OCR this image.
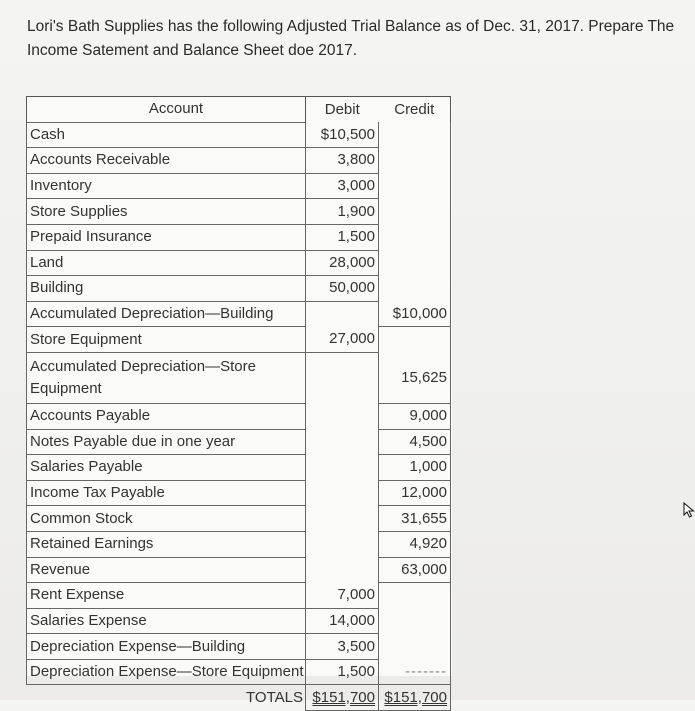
Lori's Bath Supplies has the following Adjusted Trial Balance as of Dec. 31, 2017. Prepare The Income Satement and Balance Sheet doe 2017.
Account	Debit	Credit
Cash	$10,500	
Accounts Receivable	3,800	
Inventory	3,000	
Store Supplies	1,900	
Prepaid Insurance	1,500	
Land	28,000	
Building	50,000	
Accumulated Depreciation—Building		$10,000
Store Equipment	27,000	
Accumulated Depreciation—Store Equipment		15,625
Accounts Payable		9,000
Notes Payable due in one year		4,500
Salaries Payable		1,000
Income Tax Payable		12,000
Common Stock		31,655
Retained Earnings		4,920
Revenue		63,000
Rent Expense	7,000	
Salaries Expense	14,000	
Depreciation Expense—Building	3,500	
Depreciation Expense—Store Equipment	1,500	-------
TOTALS	$151,700	$151,700
